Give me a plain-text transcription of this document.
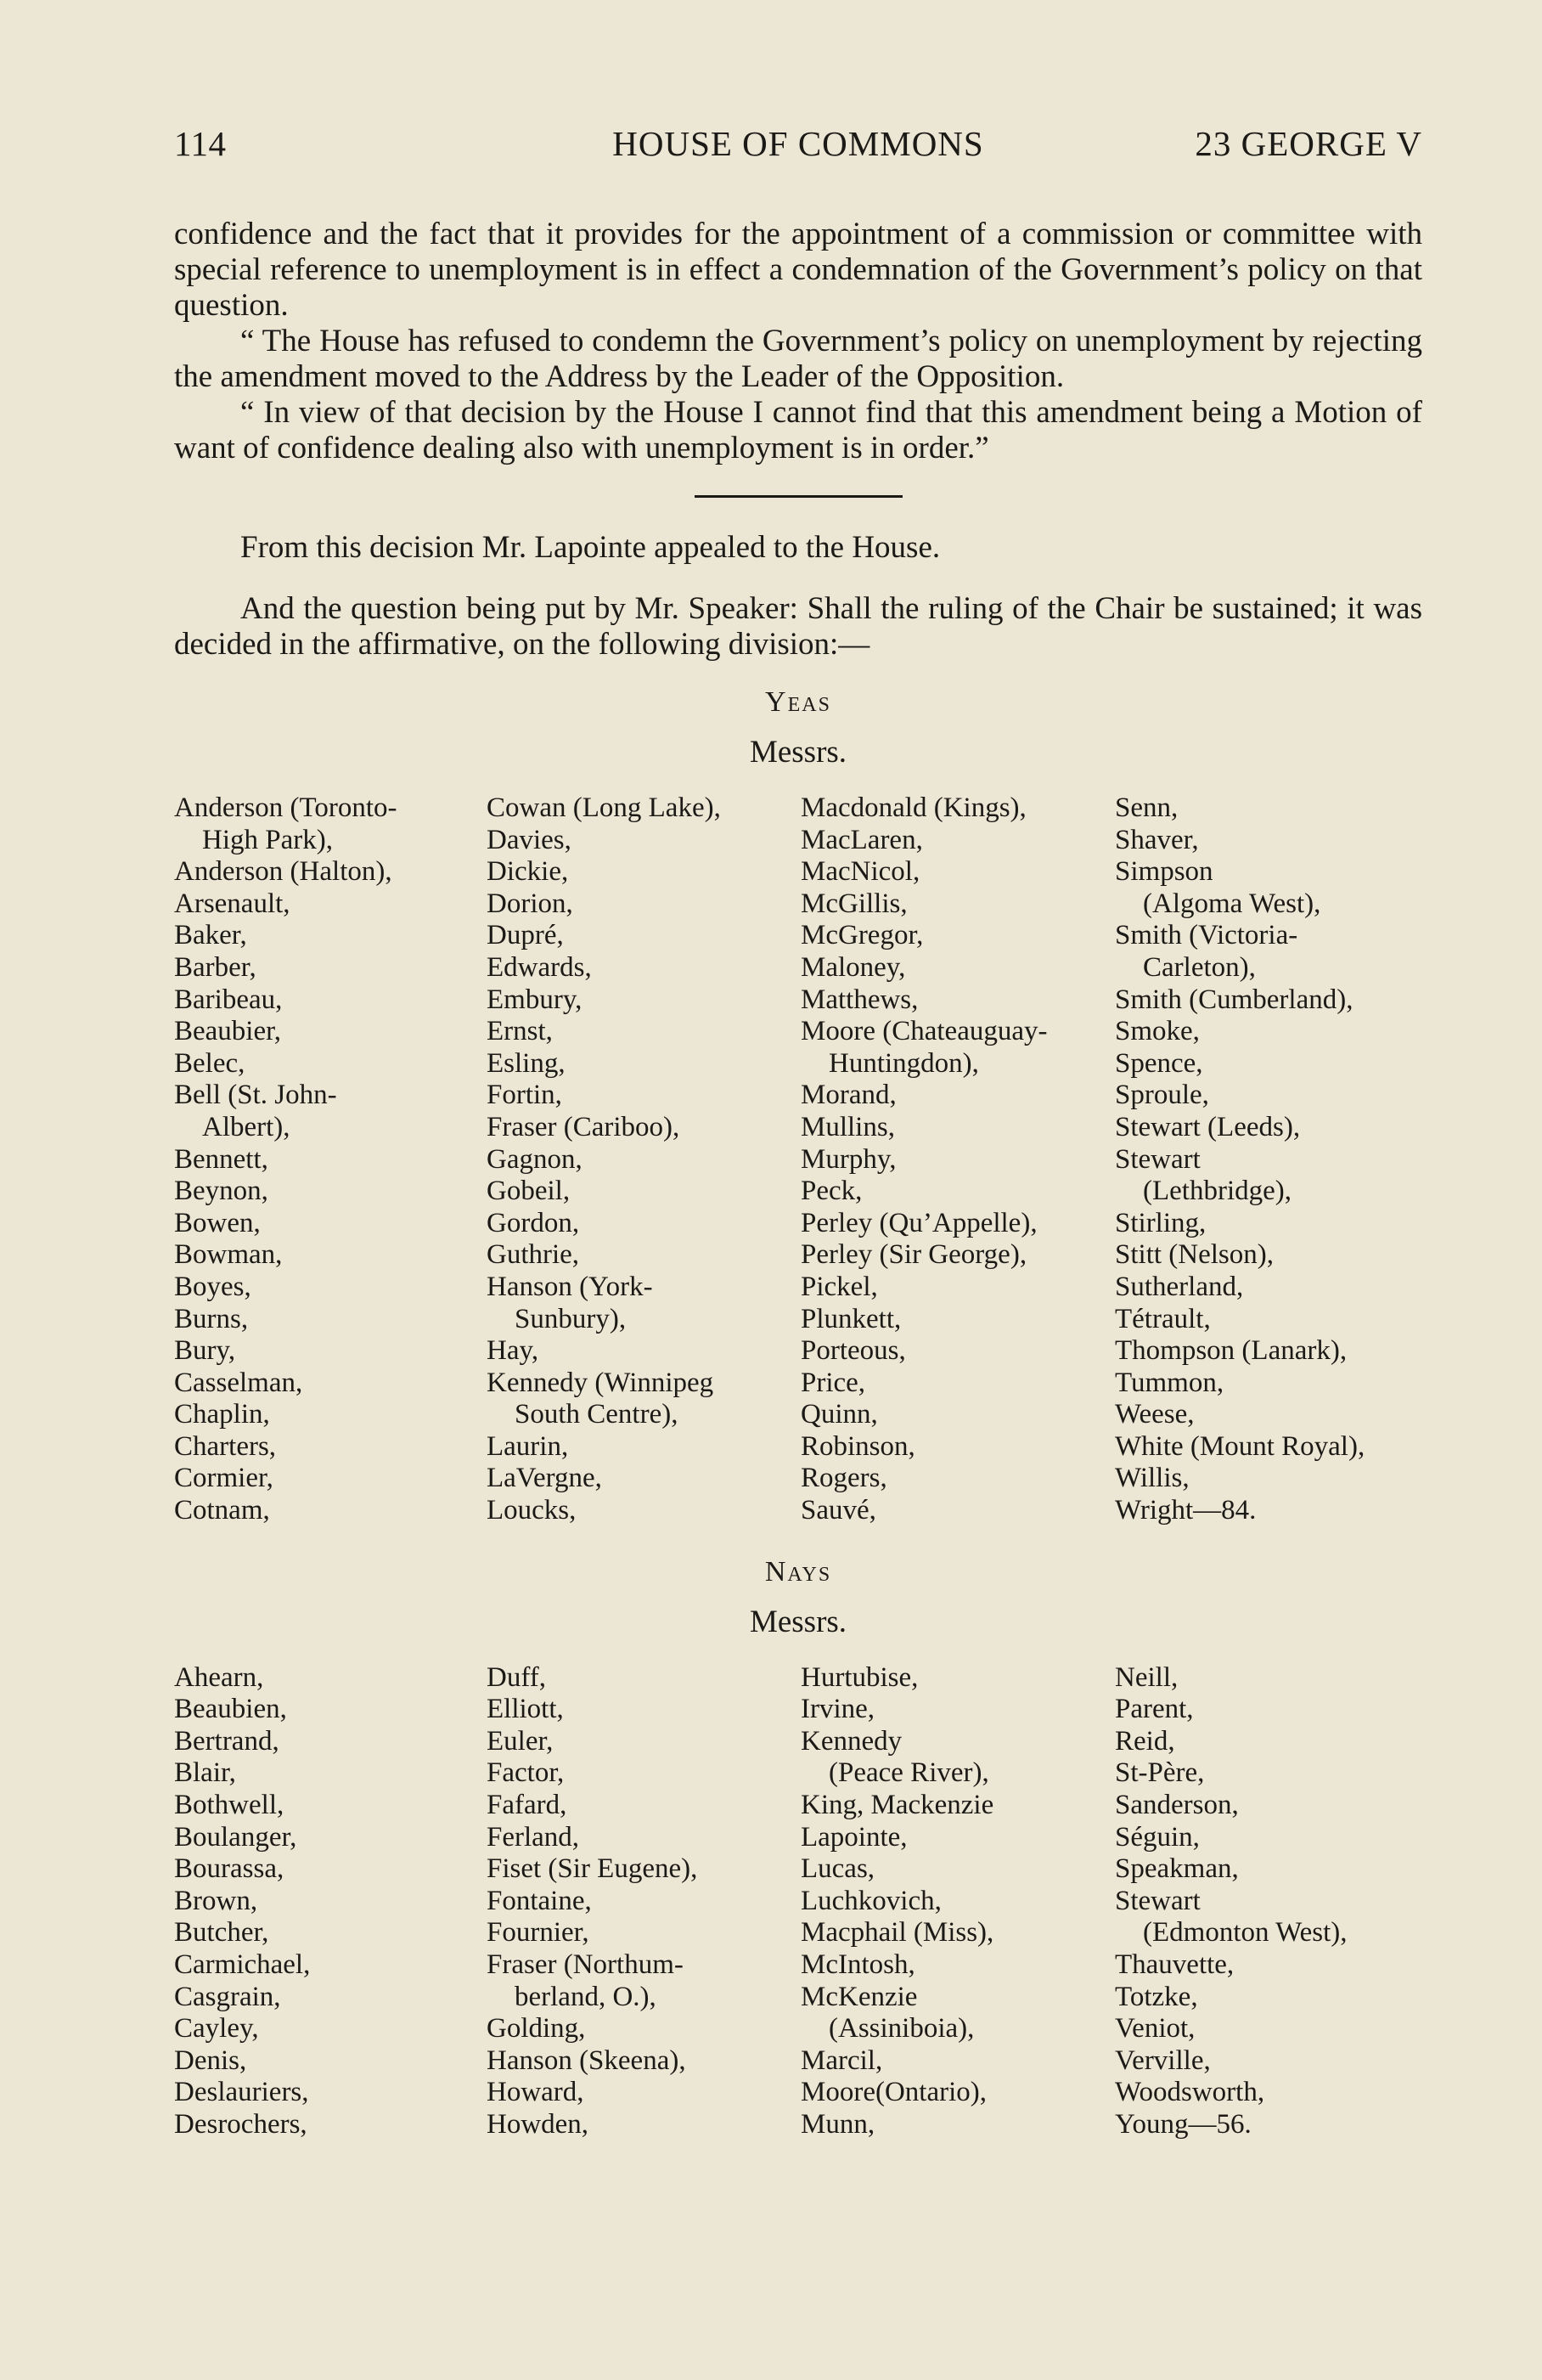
114	HOUSE OF COMMONS	23 GEORGE V

confidence and the fact that it provides for the appointment of a commission or committee with special reference to unemployment is in effect a condemnation of the Government’s policy on that question.

“ The House has refused to condemn the Government’s policy on unemployment by rejecting the amendment moved to the Address by the Leader of the Opposition.

“ In view of that decision by the House I cannot find that this amendment being a Motion of want of confidence dealing also with unemployment is in order.”

From this decision Mr. Lapointe appealed to the House.

And the question being put by Mr. Speaker: Shall the ruling of the Chair be sustained; it was decided in the affirmative, on the following division:—

Yeas
Messrs.
Anderson (Toronto-
High Park),
Anderson (Halton),
Arsenault,
Baker,
Barber,
Baribeau,
Beaubier,
Belec,
Bell (St. John-
Albert),
Bennett,
Beynon,
Bowen,
Bowman,
Boyes,
Burns,
Bury,
Casselman,
Chaplin,
Charters,
Cormier,
Cotnam,
Cowan (Long Lake),
Davies,
Dickie,
Dorion,
Dupré,
Edwards,
Embury,
Ernst,
Esling,
Fortin,
Fraser (Cariboo),
Gagnon,
Gobeil,
Gordon,
Guthrie,
Hanson (York-
Sunbury),
Hay,
Kennedy (Winnipeg
South Centre),
Laurin,
LaVergne,
Loucks,
Macdonald (Kings),
MacLaren,
MacNicol,
McGillis,
McGregor,
Maloney,
Matthews,
Moore (Chateauguay-
Huntingdon),
Morand,
Mullins,
Murphy,
Peck,
Perley (Qu’Appelle),
Perley (Sir George),
Pickel,
Plunkett,
Porteous,
Price,
Quinn,
Robinson,
Rogers,
Sauvé,
Senn,
Shaver,
Simpson
(Algoma West),
Smith (Victoria-
Carleton),
Smith (Cumberland),
Smoke,
Spence,
Sproule,
Stewart (Leeds),
Stewart
(Lethbridge),
Stirling,
Stitt (Nelson),
Sutherland,
Tétrault,
Thompson (Lanark),
Tummon,
Weese,
White (Mount Royal),
Willis,
Wright—84.
Nays
Messrs.
Ahearn,
Beaubien,
Bertrand,
Blair,
Bothwell,
Boulanger,
Bourassa,
Brown,
Butcher,
Carmichael,
Casgrain,
Cayley,
Denis,
Deslauriers,
Desrochers,
Duff,
Elliott,
Euler,
Factor,
Fafard,
Ferland,
Fiset (Sir Eugene),
Fontaine,
Fournier,
Fraser (Northum-
berland, O.),
Golding,
Hanson (Skeena),
Howard,
Howden,
Hurtubise,
Irvine,
Kennedy
(Peace River),
King, Mackenzie
Lapointe,
Lucas,
Luchkovich,
Macphail (Miss),
McIntosh,
McKenzie
(Assiniboia),
Marcil,
Moore(Ontario),
Munn,
Neill,
Parent,
Reid,
St-Père,
Sanderson,
Séguin,
Speakman,
Stewart
(Edmonton West),
Thauvette,
Totzke,
Veniot,
Verville,
Woodsworth,
Young—56.
